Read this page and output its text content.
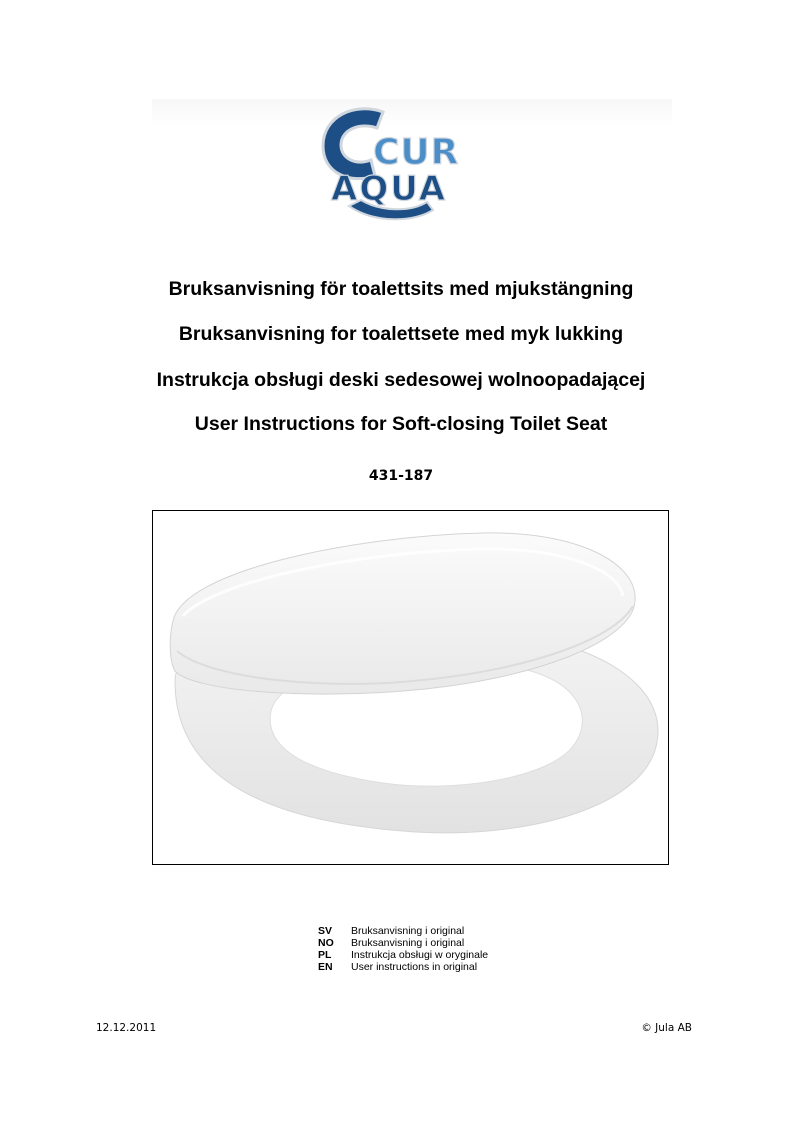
CUR
AQUA
Bruksanvisning för toalettsits med mjukstängning
Bruksanvisning for toalettsete med myk lukking
Instrukcja obsługi deski sedesowej wolnoopadającej
User Instructions for Soft-closing Toilet Seat
431-187
SV	Bruksanvisning i original
NO	Bruksanvisning i original
PL	Instrukcja obsługi w oryginale
EN	User instructions in original
12.12.2011	© Jula AB
